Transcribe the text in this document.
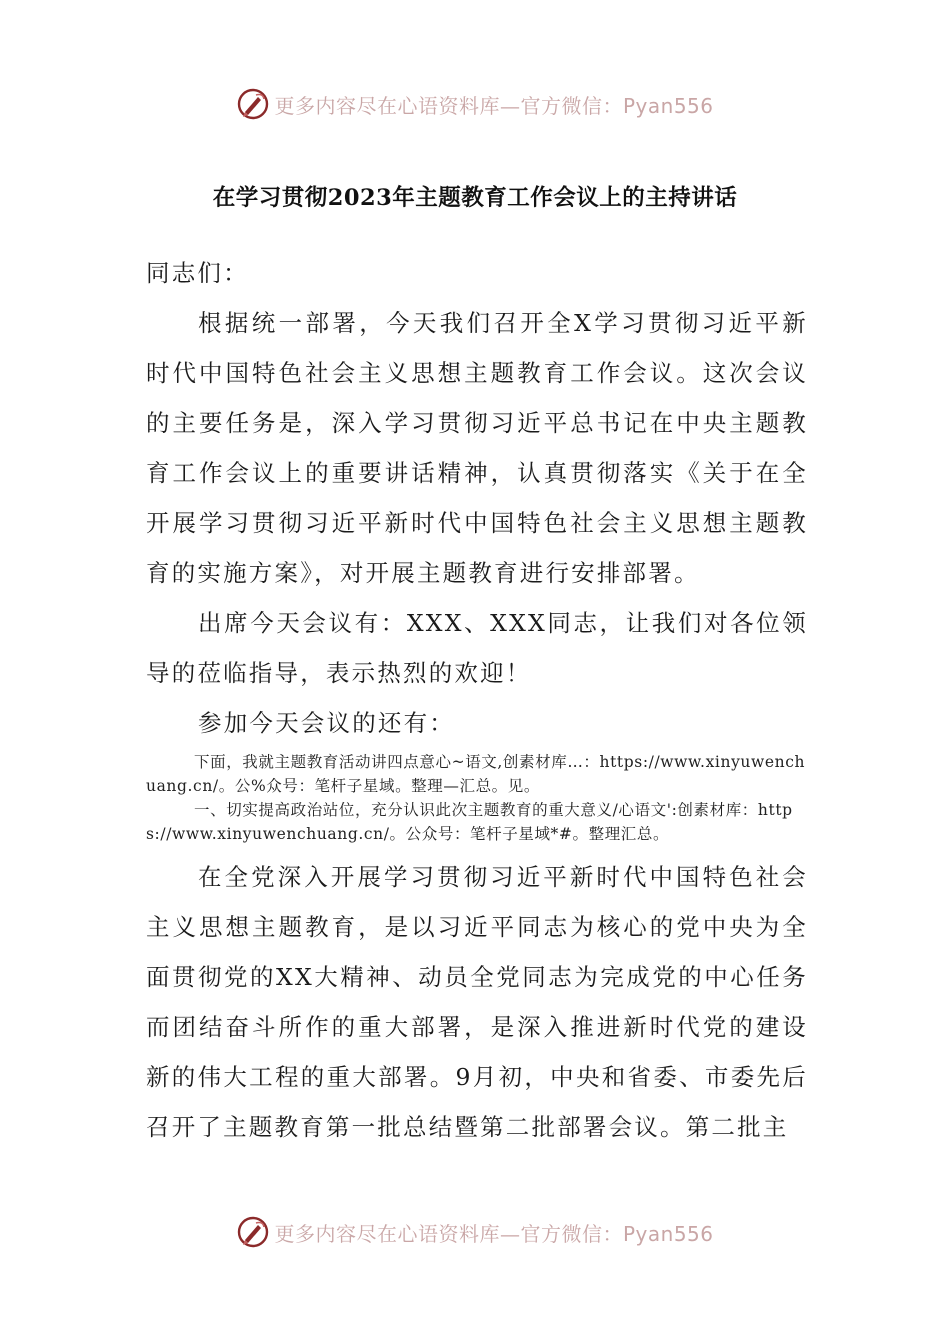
更多内容尽在心语资料库—官方微信：Pyan556
在学习贯彻2023年主题教育工作会议上的主持讲话

同志们：

根据统一部署，今天我们召开全X学习贯彻习近平新时代中国特色社会主义思想主题教育工作会议。这次会议的主要任务是，深入学习贯彻习近平总书记在中央主题教育工作会议上的重要讲话精神，认真贯彻落实《关于在全开展学习贯彻习近平新时代中国特色社会主义思想主题教育的实施方案》，对开展主题教育进行安排部署。

出席今天会议有：XXX、XXX同志，让我们对各位领导的莅临指导，表示热烈的欢迎！

参加今天会议的还有：

下面，我就主题教育活动讲四点意心~语文,创素材库…：https://www.xinyuwenchuang.cn/。公%众号：笔杆子星域。整理—汇总。见。

一、切实提高政治站位，充分认识此次主题教育的重大意义/心语文':创素材库：https://www.xinyuwenchuang.cn/。公众号：笔杆子星域*#。整理汇总。

在全党深入开展学习贯彻习近平新时代中国特色社会主义思想主题教育，是以习近平同志为核心的党中央为全面贯彻党的XX大精神、动员全党同志为完成党的中心任务而团结奋斗所作的重大部署，是深入推进新时代党的建设新的伟大工程的重大部署。9月初，中央和省委、市委先后召开了主题教育第一批总结暨第二批部署会议。第二批主

更多内容尽在心语资料库—官方微信：Pyan556
